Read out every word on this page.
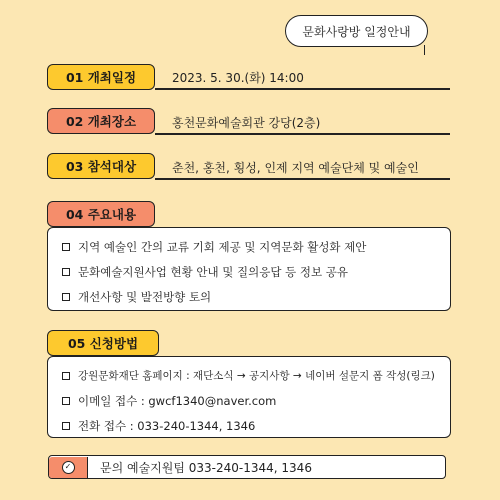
문화사랑방 일정안내
01 개최일정	2023. 5. 30.(화) 14:00
02 개최장소	홍천문화예술회관 강당(2층)
03 참석대상	춘천, 홍천, 횡성, 인제 지역 예술단체 및 예술인
04 주요내용
지역 예술인 간의 교류 기회 제공 및 지역문화 활성화 제안
문화예술지원사업 현황 안내 및 질의응답 등 정보 공유
개선사항 및 발전방향 토의
05 신청방법
강원문화재단 홈페이지 : 재단소식 → 공지사항 → 네이버 설문지 폼 작성(링크)
이메일 접수 : gwcf1340@naver.com
전화 접수 : 033-240-1344, 1346
✓ 문의 예술지원팀 033-240-1344, 1346
